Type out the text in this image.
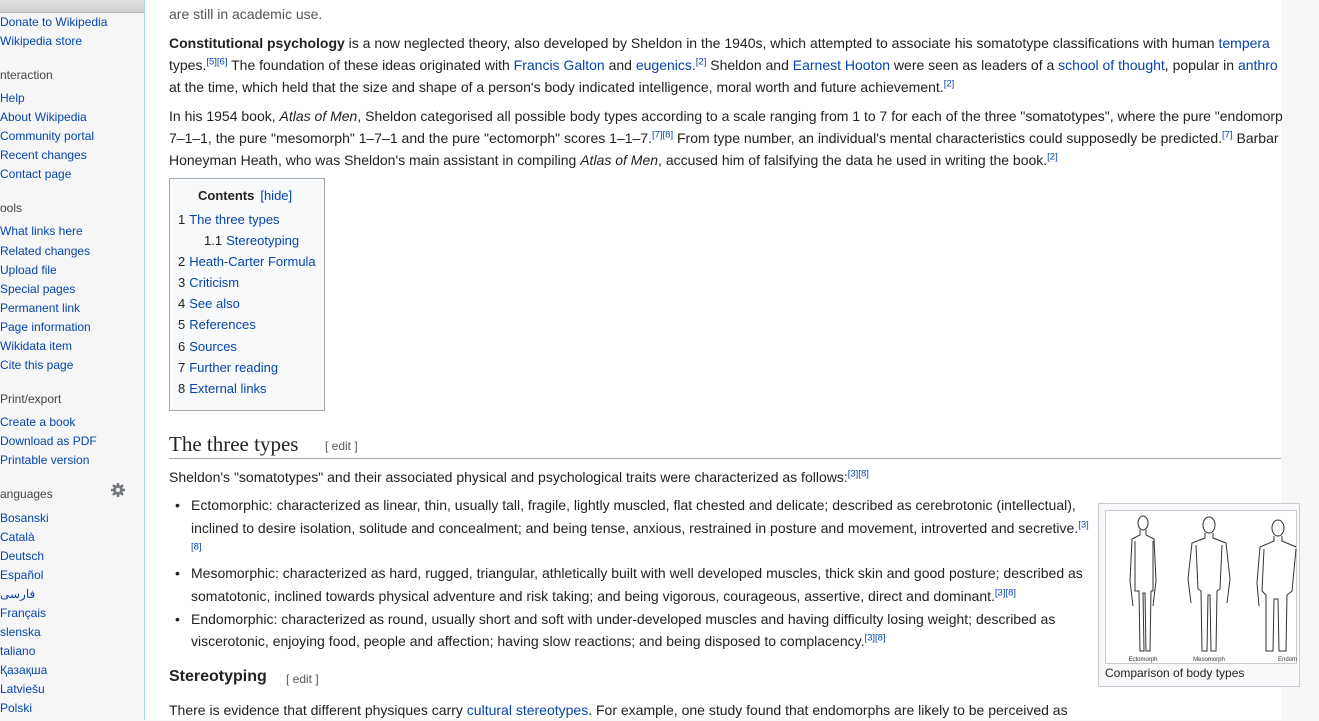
Donate to Wikipedia
Wikipedia store
nteraction
Help
About Wikipedia
Community portal
Recent changes
Contact page
ools
What links here
Related changes
Upload file
Special pages
Permanent link
Page information
Wikidata item
Cite this page
Print/export
Create a book
Download as PDF
Printable version
anguages
Bosanski
Català
Deutsch
Español
فارسی
Français
slenska
taliano
Қазақша
Latviešu
Polski
are still in academic use.
Constitutional psychology is a now neglected theory, also developed by Sheldon in the 1940s, which attempted to associate his somatotype classifications with human tempera
types.[5][6] The foundation of these ideas originated with Francis Galton and eugenics.[2] Sheldon and Earnest Hooton were seen as leaders of a school of thought, popular in anthro
at the time, which held that the size and shape of a person's body indicated intelligence, moral worth and future achievement.[2]
In his 1954 book, Atlas of Men, Sheldon categorised all possible body types according to a scale ranging from 1 to 7 for each of the three "somatotypes", where the pure "endomorp
7–1–1, the pure "mesomorph" 1–7–1 and the pure "ectomorph" scores 1–1–7.[7][8] From type number, an individual's mental characteristics could supposedly be predicted.[7] Barbar
Honeyman Heath, who was Sheldon's main assistant in compiling Atlas of Men, accused him of falsifying the data he used in writing the book.[2]
Contents [hide]
1 The three types
1.1 Stereotyping
2 Heath-Carter Formula
3 Criticism
4 See also
5 References
6 Sources
7 Further reading
8 External links
The three types [ edit ]
Sheldon's "somatotypes" and their associated physical and psychological traits were characterized as follows:[3][8]
• Ectomorphic: characterized as linear, thin, usually tall, fragile, lightly muscled, flat chested and delicate; described as cerebrotonic (intellectual), inclined to desire isolation, solitude and concealment; and being tense, anxious, restrained in posture and movement, introverted and secretive.[3][8]
• Mesomorphic: characterized as hard, rugged, triangular, athletically built with well developed muscles, thick skin and good posture; described as somatotonic, inclined towards physical adventure and risk taking; and being vigorous, courageous, assertive, direct and dominant.[3][8]
• Endomorphic: characterized as round, usually short and soft with under-developed muscles and having difficulty losing weight; described as viscerotonic, enjoying food, people and affection; having slow reactions; and being disposed to complacency.[3][8]
Ectomorph	Mesomorph	Endom
Comparison of body types
Stereotyping [ edit ]
There is evidence that different physiques carry cultural stereotypes. For example, one study found that endomorphs are likely to be perceived as
